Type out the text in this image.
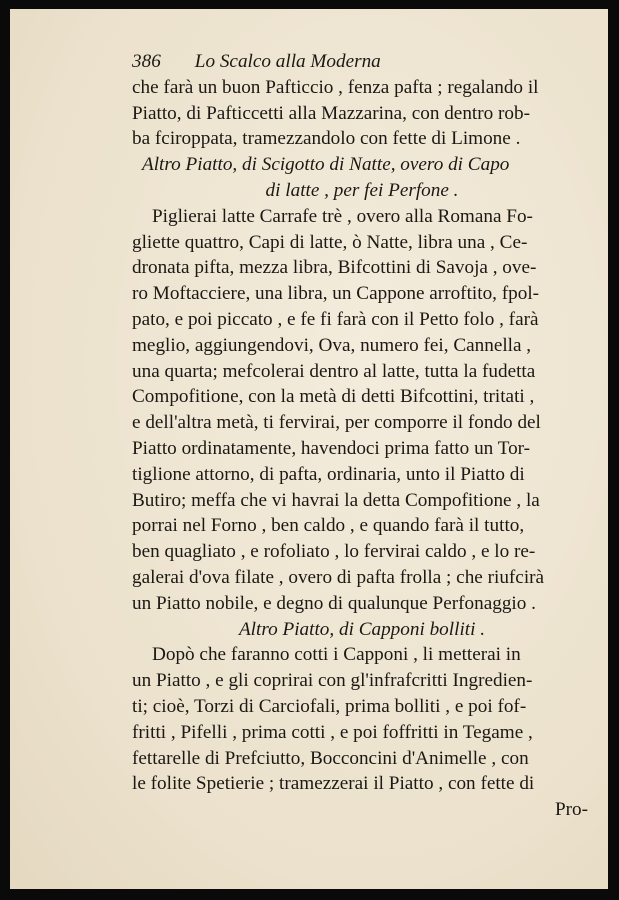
386 Lo Scalco alla Moderna
che farà un buon Pafticcio , fenza pafta ; regalando il
Piatto, di Pafticcetti alla Mazzarina, con dentro rob-
ba fciroppata, tramezzandolo con fette di Limone .
Altro Piatto, di Scigotto di Natte, overo di Capo
di latte , per fei Perfone .
Piglierai latte Carrafe trè , overo alla Romana Fo-
gliette quattro, Capi di latte, ò Natte, libra una , Ce-
dronata pifta, mezza libra, Bifcottini di Savoja , ove-
ro Moftacciere, una libra, un Cappone arroftito, fpol-
pato, e poi piccato , e fe fi farà con il Petto folo , farà
meglio, aggiungendovi, Ova, numero fei, Cannella ,
una quarta; mefcolerai dentro al latte, tutta la fudetta
Compofitione, con la metà di detti Bifcottini, tritati ,
e dell'altra metà, ti fervirai, per comporre il fondo del
Piatto ordinatamente, havendoci prima fatto un Tor-
tiglione attorno, di pafta, ordinaria, unto il Piatto di
Butiro; meffa che vi havrai la detta Compofitione , la
porrai nel Forno , ben caldo , e quando farà il tutto,
ben quagliato , e rofoliato , lo fervirai caldo , e lo re-
galerai d'ova filate , overo di pafta frolla ; che riufcirà
un Piatto nobile, e degno di qualunque Perfonaggio .
Altro Piatto, di Capponi bolliti .
Dopò che faranno cotti i Capponi , li metterai in
un Piatto , e gli coprirai con gl'infrafcritti Ingredien-
ti; cioè, Torzi di Carciofali, prima bolliti , e poi fof-
fritti , Pifelli , prima cotti , e poi foffritti in Tegame ,
fettarelle di Prefciutto, Bocconcini d'Animelle , con
le folite Spetierie ; tramezzerai il Piatto , con fette di
Pro-
